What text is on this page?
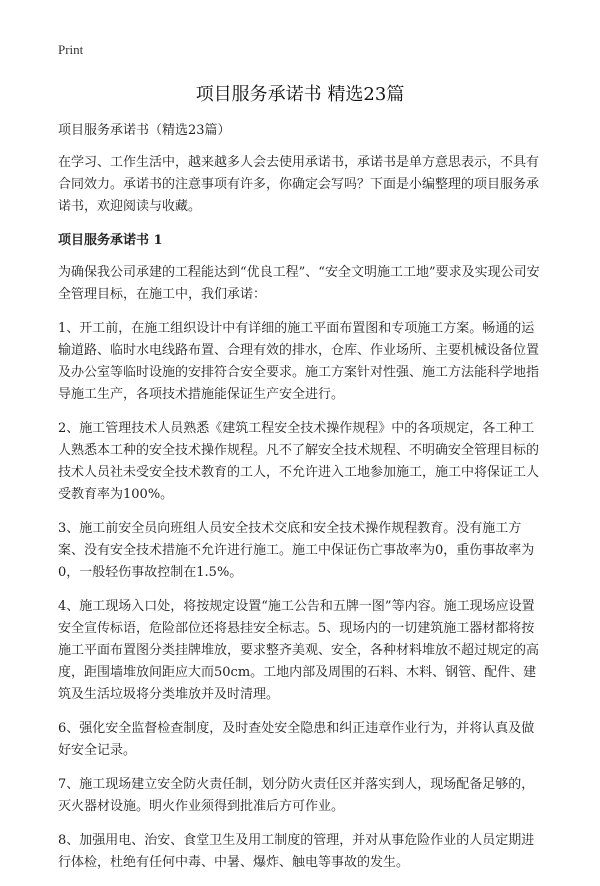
Print
项目服务承诺书 精选23篇

项目服务承诺书（精选23篇）

在学习、工作生活中，越来越多人会去使用承诺书，承诺书是单方意思表示，不具有合同效力。承诺书的注意事项有许多，你确定会写吗？下面是小编整理的项目服务承诺书，欢迎阅读与收藏。

项目服务承诺书 1

为确保我公司承建的工程能达到“优良工程”、“安全文明施工工地”要求及实现公司安全管理目标，在施工中，我们承诺：

1、开工前，在施工组织设计中有详细的施工平面布置图和专项施工方案。畅通的运输道路、临时水电线路布置、合理有效的排水，仓库、作业场所、主要机械设备位置及办公室等临时设施的安排符合安全要求。施工方案针对性强、施工方法能科学地指导施工生产，各项技术措施能保证生产安全进行。

2、施工管理技术人员熟悉《建筑工程安全技术操作规程》中的各项规定，各工种工人熟悉本工种的安全技术操作规程。凡不了解安全技术规程、不明确安全管理目标的技术人员社未受安全技术教育的工人，不允许进入工地参加施工，施工中将保证工人受教育率为100%。

3、施工前安全员向班组人员安全技术交底和安全技术操作规程教育。没有施工方案、没有安全技术措施不允许进行施工。施工中保证伤亡事故率为0，重伤事故率为0，一般轻伤事故控制在1.5%。

4、施工现场入口处，将按规定设置“施工公告和五牌一图”等内容。施工现场应设置安全宣传标语，危险部位还将悬挂安全标志。5、现场内的一切建筑施工器材都将按施工平面布置图分类挂牌堆放，要求整齐美观、安全，各种材料堆放不超过规定的高度，距围墙堆放间距应大而50cm。工地内部及周围的石料、木料、钢管、配件、建筑及生活垃圾将分类堆放并及时清理。

6、强化安全监督检查制度，及时查处安全隐患和纠正违章作业行为，并将认真及做好安全记录。

7、施工现场建立安全防火责任制，划分防火责任区并落实到人，现场配备足够的，灭火器材设施。明火作业须得到批准后方可作业。

8、加强用电、治安、食堂卫生及用工制度的管理，并对从事危险作业的人员定期进行体检，杜绝有任何中毒、中暑、爆炸、触电等事故的发生。
